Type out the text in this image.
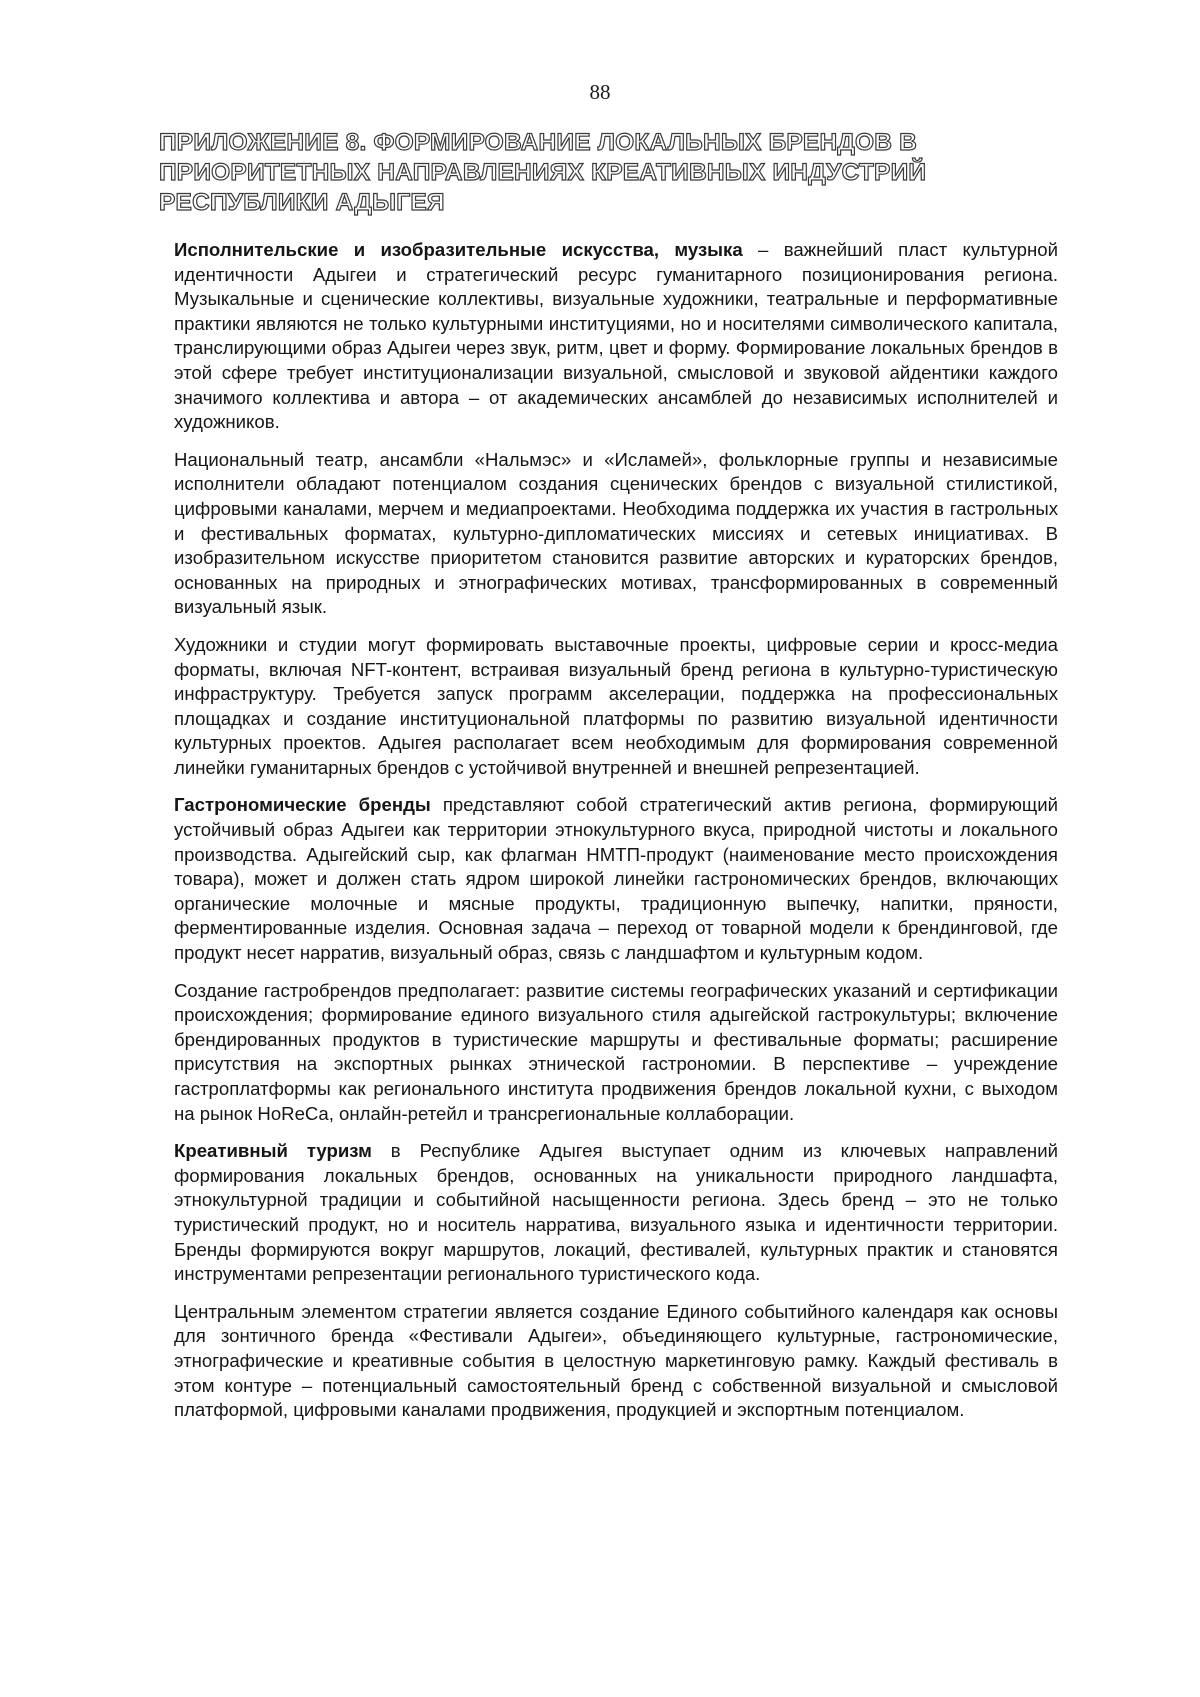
88
ПРИЛОЖЕНИЕ 8. ФОРМИРОВАНИЕ ЛОКАЛЬНЫХ БРЕНДОВ В ПРИОРИТЕТНЫХ НАПРАВЛЕНИЯХ КРЕАТИВНЫХ ИНДУСТРИЙ РЕСПУБЛИКИ АДЫГЕЯ

Исполнительские и изобразительные искусства, музыка – важнейший пласт культурной идентичности Адыгеи и стратегический ресурс гуманитарного позиционирования региона. Музыкальные и сценические коллективы, визуальные художники, театральные и перформативные практики являются не только культурными институциями, но и носителями символического капитала, транслирующими образ Адыгеи через звук, ритм, цвет и форму. Формирование локальных брендов в этой сфере требует институционализации визуальной, смысловой и звуковой айдентики каждого значимого коллектива и автора – от академических ансамблей до независимых исполнителей и художников.

Национальный театр, ансамбли «Нальмэс» и «Исламей», фольклорные группы и независимые исполнители обладают потенциалом создания сценических брендов с визуальной стилистикой, цифровыми каналами, мерчем и медиапроектами. Необходима поддержка их участия в гастрольных и фестивальных форматах, культурно-дипломатических миссиях и сетевых инициативах. В изобразительном искусстве приоритетом становится развитие авторских и кураторских брендов, основанных на природных и этнографических мотивах, трансформированных в современный визуальный язык.

Художники и студии могут формировать выставочные проекты, цифровые серии и кросс-медиа форматы, включая NFT-контент, встраивая визуальный бренд региона в культурно-туристическую инфраструктуру. Требуется запуск программ акселерации, поддержка на профессиональных площадках и создание институциональной платформы по развитию визуальной идентичности культурных проектов. Адыгея располагает всем необходимым для формирования современной линейки гуманитарных брендов с устойчивой внутренней и внешней репрезентацией.

Гастрономические бренды представляют собой стратегический актив региона, формирующий устойчивый образ Адыгеи как территории этнокультурного вкуса, природной чистоты и локального производства. Адыгейский сыр, как флагман НМТП-продукт (наименование место происхождения товара), может и должен стать ядром широкой линейки гастрономических брендов, включающих органические молочные и мясные продукты, традиционную выпечку, напитки, пряности, ферментированные изделия. Основная задача – переход от товарной модели к брендинговой, где продукт несет нарратив, визуальный образ, связь с ландшафтом и культурным кодом.

Создание гастробрендов предполагает: развитие системы географических указаний и сертификации происхождения; формирование единого визуального стиля адыгейской гастрокультуры; включение брендированных продуктов в туристические маршруты и фестивальные форматы; расширение присутствия на экспортных рынках этнической гастрономии. В перспективе – учреждение гастроплатформы как регионального института продвижения брендов локальной кухни, с выходом на рынок HoReCa, онлайн-ретейл и трансрегиональные коллаборации.

Креативный туризм в Республике Адыгея выступает одним из ключевых направлений формирования локальных брендов, основанных на уникальности природного ландшафта, этнокультурной традиции и событийной насыщенности региона. Здесь бренд – это не только туристический продукт, но и носитель нарратива, визуального языка и идентичности территории. Бренды формируются вокруг маршрутов, локаций, фестивалей, культурных практик и становятся инструментами репрезентации регионального туристического кода.

Центральным элементом стратегии является создание Единого событийного календаря как основы для зонтичного бренда «Фестивали Адыгеи», объединяющего культурные, гастрономические, этнографические и креативные события в целостную маркетинговую рамку. Каждый фестиваль в этом контуре – потенциальный самостоятельный бренд с собственной визуальной и смысловой платформой, цифровыми каналами продвижения, продукцией и экспортным потенциалом.
